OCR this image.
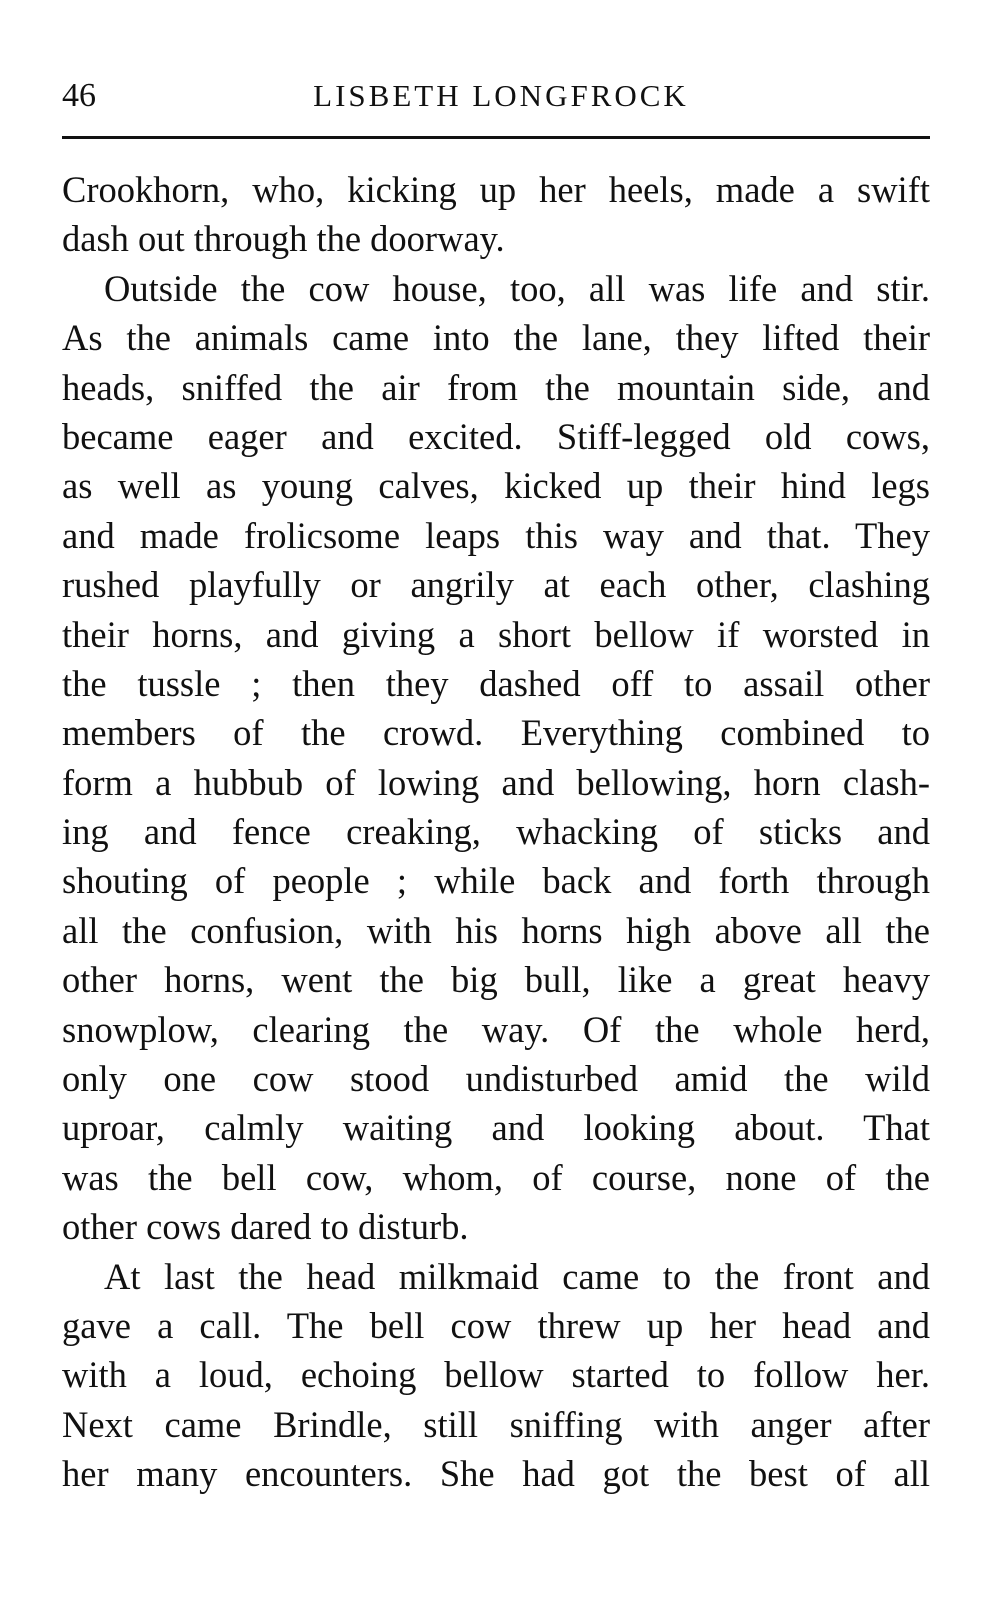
46	LISBETH LONGFROCK
Crookhorn, who, kicking up her heels, made a swift
dash out through the doorway.
Outside the cow house, too, all was life and stir.
As the animals came into the lane, they lifted their
heads, sniffed the air from the mountain side, and
became eager and excited. Stiff-legged old cows,
as well as young calves, kicked up their hind legs
and made frolicsome leaps this way and that. They
rushed playfully or angrily at each other, clashing
their horns, and giving a short bellow if worsted in
the tussle ; then they dashed off to assail other
members of the crowd. Everything combined to
form a hubbub of lowing and bellowing, horn clash-
ing and fence creaking, whacking of sticks and
shouting of people ; while back and forth through
all the confusion, with his horns high above all the
other horns, went the big bull, like a great heavy
snowplow, clearing the way. Of the whole herd,
only one cow stood undisturbed amid the wild
uproar, calmly waiting and looking about. That
was the bell cow, whom, of course, none of the
other cows dared to disturb.
At last the head milkmaid came to the front and
gave a call. The bell cow threw up her head and
with a loud, echoing bellow started to follow her.
Next came Brindle, still sniffing with anger after
her many encounters. She had got the best of all
